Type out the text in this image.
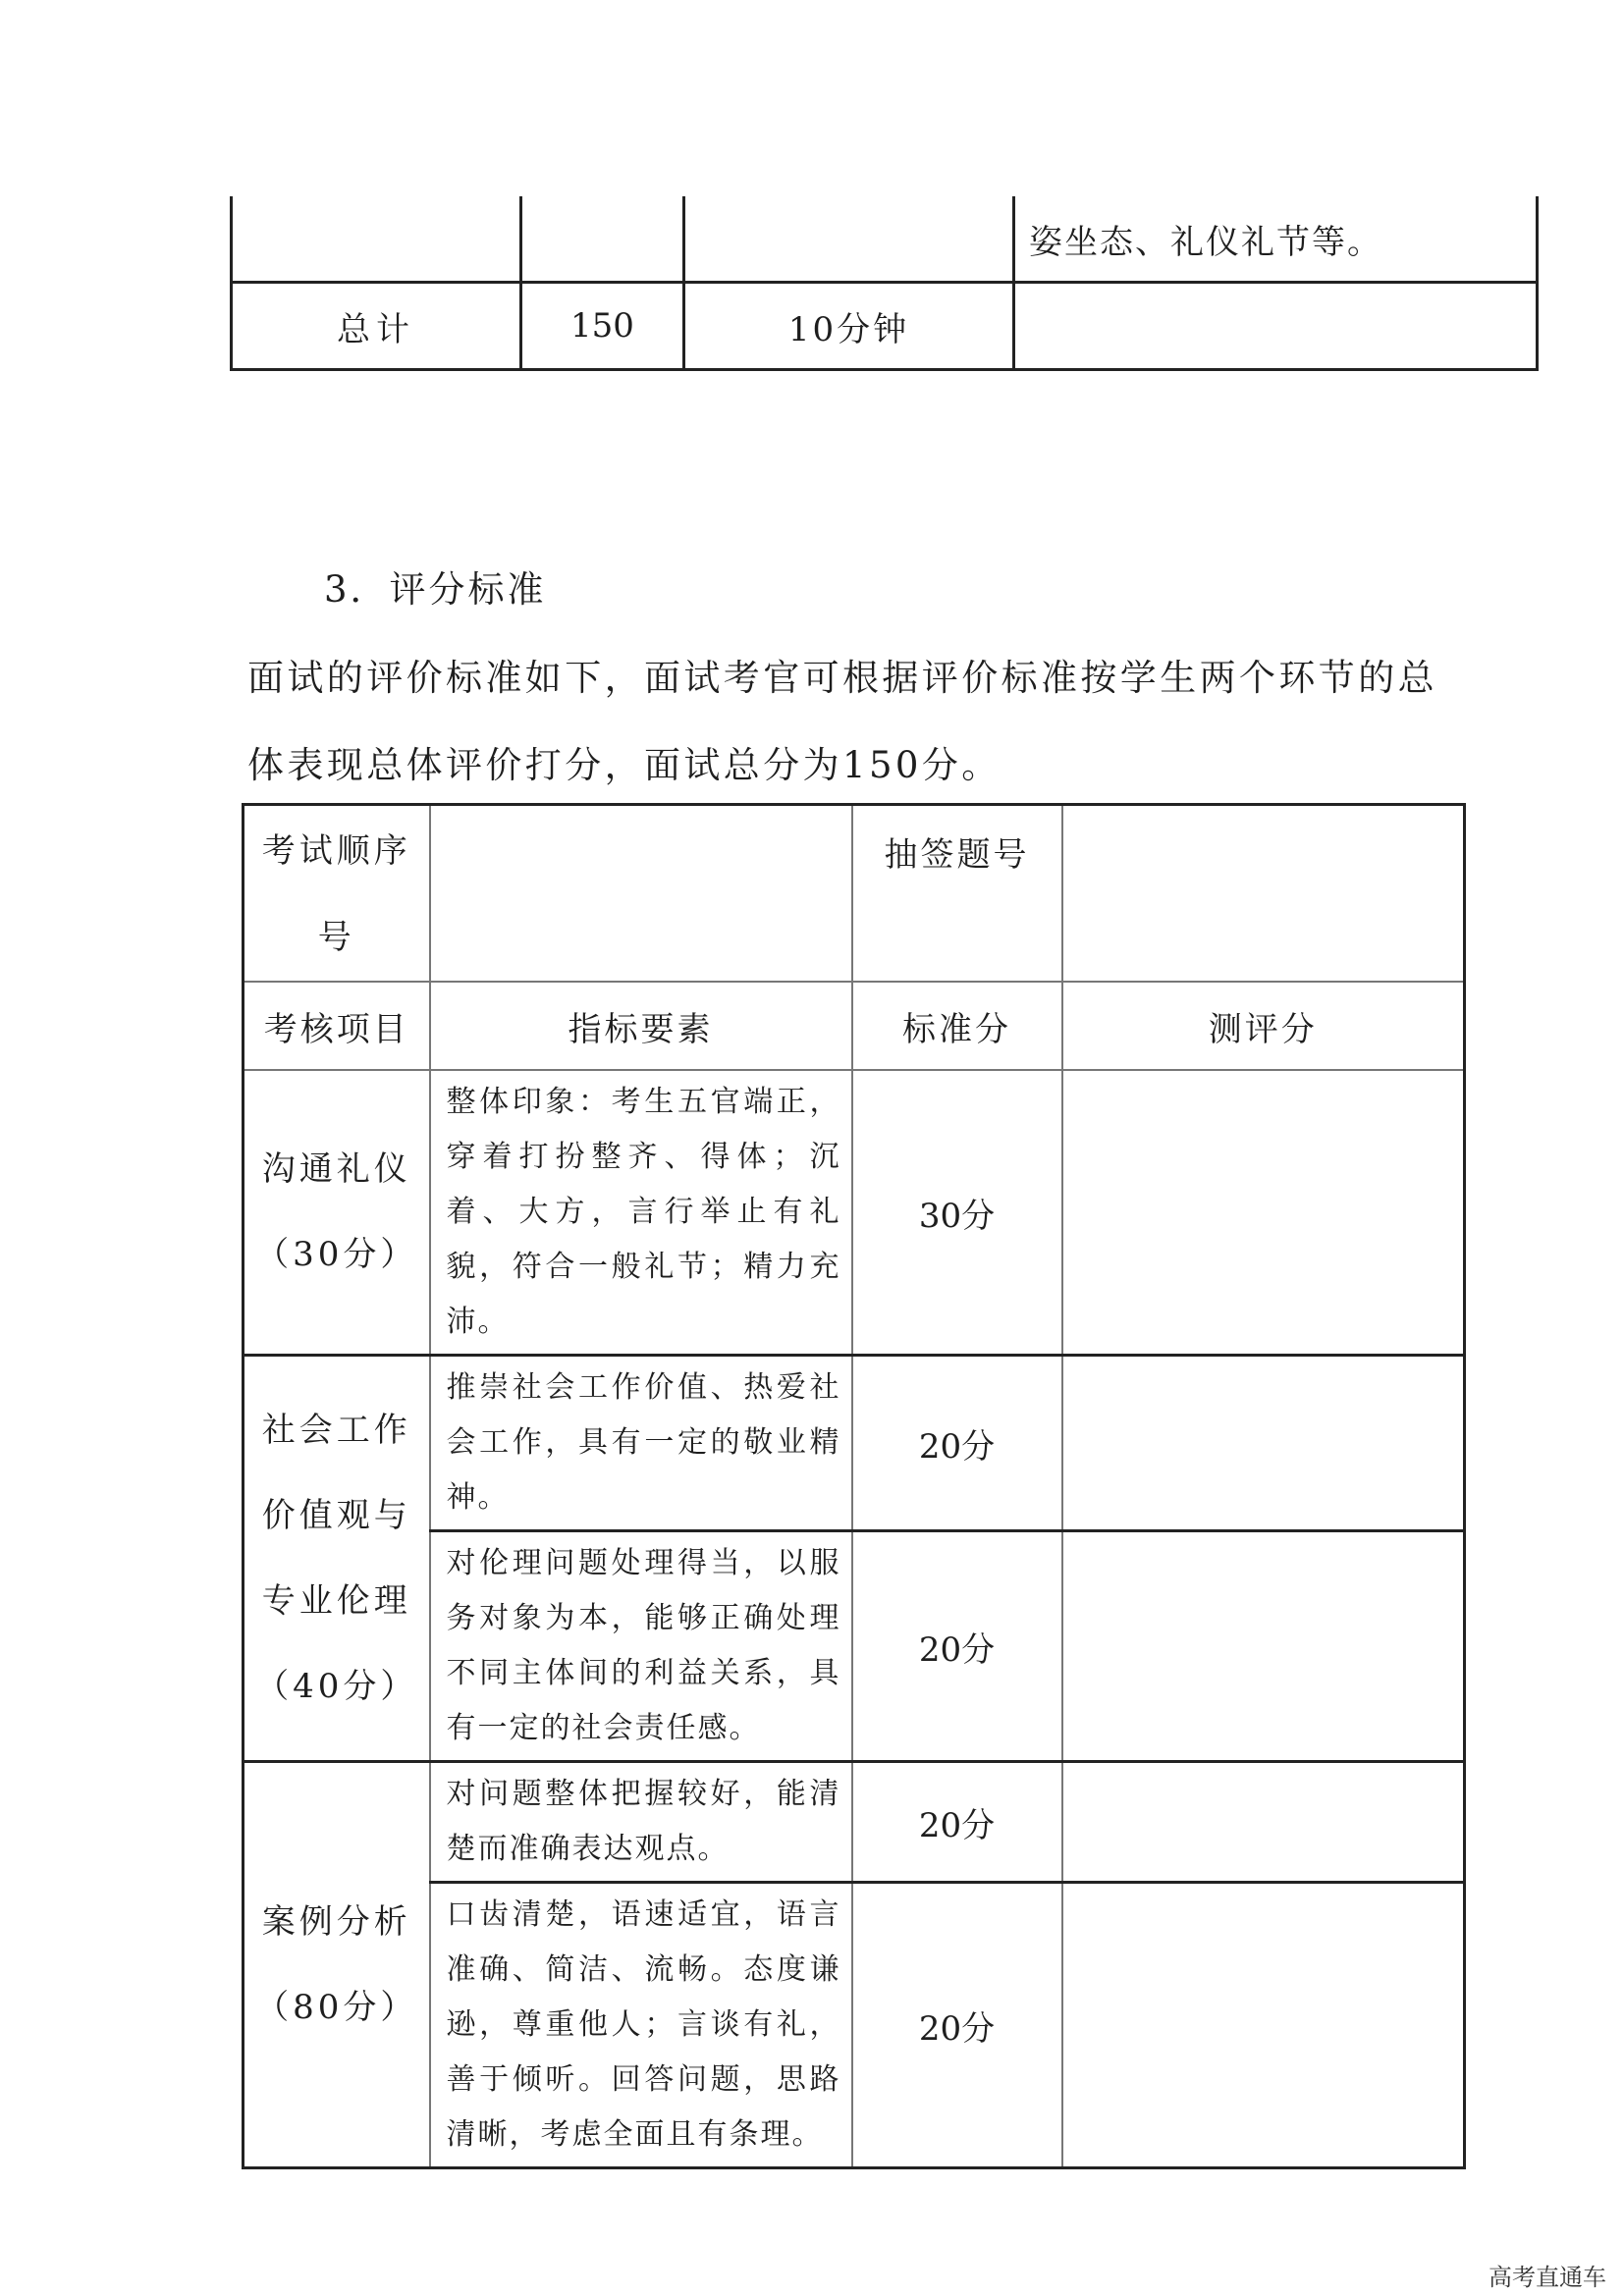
			姿坐态、礼仪礼节等。
总计	150	10分钟	
3．评分标准
面试的评价标准如下，面试考官可根据评价标准按学生两个环节的总
体表现总体评价打分，面试总分为150分。
考试顺序号		抽签题号	
考核项目	指标要素	标准分	测评分
沟通礼仪（30分）	整体印象：考生五官端正，穿着打扮整齐、得体；沉着、大方，言行举止有礼貌，符合一般礼节；精力充沛。	30分	
社会工作价值观与专业伦理（40分）	推崇社会工作价值、热爱社会工作，具有一定的敬业精神。	20分	
	对伦理问题处理得当，以服务对象为本，能够正确处理不同主体间的利益关系，具有一定的社会责任感。	20分	
案例分析（80分）	对问题整体把握较好，能清楚而准确表达观点。	20分	
	口齿清楚，语速适宜，语言准确、简洁、流畅。态度谦逊，尊重他人；言谈有礼，善于倾听。回答问题，思路清晰，考虑全面且有条理。	20分	
高考直通车
